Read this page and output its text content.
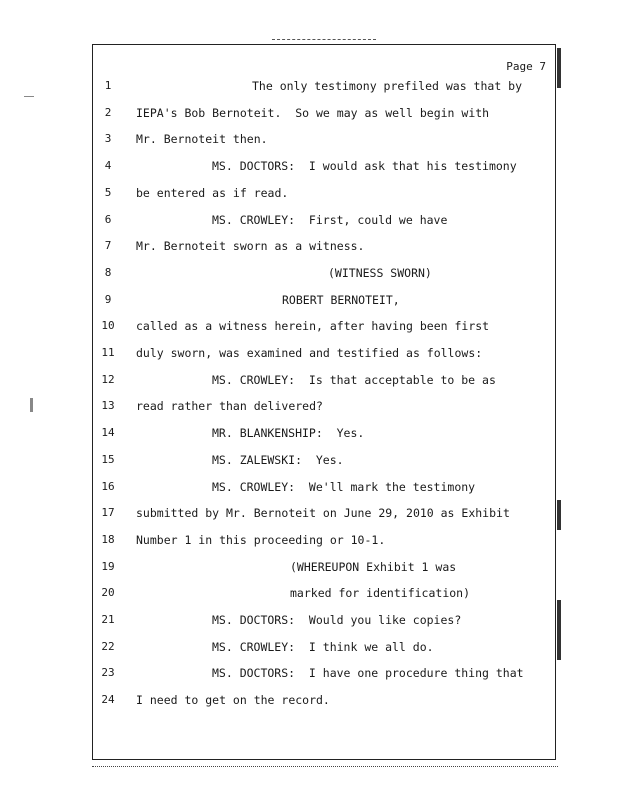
Page 7
1	The only testimony prefiled was that by
2	IEPA's Bob Bernoteit.  So we may as well begin with
3	Mr. Bernoteit then.
4	MS. DOCTORS:  I would ask that his testimony
5	be entered as if read.
6	MS. CROWLEY:  First, could we have
7	Mr. Bernoteit sworn as a witness.
8	(WITNESS SWORN)
9	ROBERT BERNOTEIT,
10 called as a witness herein, after having been first
11 duly sworn, was examined and testified as follows:
12	MS. CROWLEY:  Is that acceptable to be as
13 read rather than delivered?
14	MR. BLANKENSHIP:  Yes.
15	MS. ZALEWSKI:  Yes.
16	MS. CROWLEY:  We'll mark the testimony
17 submitted by Mr. Bernoteit on June 29, 2010 as Exhibit
18 Number 1 in this proceeding or 10-1.
19	(WHEREUPON Exhibit 1 was
20	marked for identification)
21	MS. DOCTORS:  Would you like copies?
22	MS. CROWLEY:  I think we all do.
23	MS. DOCTORS:  I have one procedure thing that
24 I need to get on the record.
